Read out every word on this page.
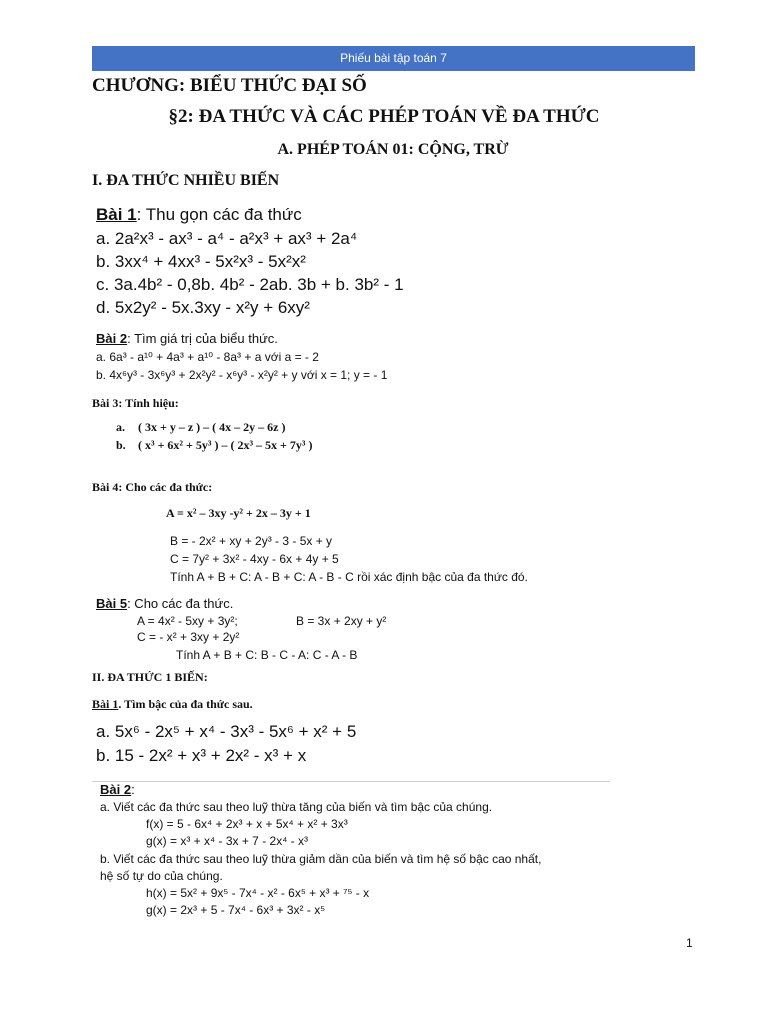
Phiếu bài tập toán 7
CHƯƠNG: BIỂU THỨC ĐẠI SỐ
§2: ĐA THỨC VÀ CÁC PHÉP TOÁN VỀ ĐA THỨC
A. PHÉP TOÁN 01: CỘNG, TRỪ
I. ĐA THỨC NHIỀU BIẾN
Bài 1: Thu gọn các đa thức
a. 2a²x³ - ax³ - a⁴ - a²x³ + ax³ + 2a⁴
b. 3xx⁴ + 4xx³ - 5x²x³ - 5x²x²
c. 3a.4b² - 0,8b. 4b² - 2ab. 3b + b. 3b² - 1
d. 5x2y² - 5x.3xy - x²y + 6xy²
Bài 2: Tìm giá trị của biểu thức.
a. 6a³ - a¹⁰ + 4a³ + a¹⁰ - 8a³ + a với a = - 2
b. 4x⁶y³ - 3x⁶y³ + 2x²y² - x⁶y³ - x²y² + y với x = 1; y = - 1
Bài 3: Tính hiệu:
a. ( 3x + y – z ) – ( 4x – 2y – 6z )
b. ( x³ + 6x² + 5y³ ) – ( 2x³ – 5x + 7y³ )
Bài 4: Cho các đa thức:
A = x² – 3xy -y² + 2x – 3y + 1
B = - 2x² + xy + 2y³ - 3 - 5x + y
C = 7y² + 3x² - 4xy - 6x + 4y + 5
Tính A + B + C: A - B + C: A - B - C rồi xác định bậc của đa thức đó.
Bài 5: Cho các đa thức.
A = 4x² - 5xy + 3y²;	B = 3x + 2xy + y²
C = - x² + 3xy + 2y²
Tính A + B + C: B - C - A: C - A - B
II. ĐA THỨC 1 BIẾN:
Bài 1. Tìm bậc của đa thức sau.
a. 5x⁶ - 2x⁵ + x⁴ - 3x³ - 5x⁶ + x² + 5
b. 15 - 2x² + x³ + 2x² - x³ + x
Bài 2:
a. Viết các đa thức sau theo luỹ thừa tăng của biến và tìm bậc của chúng.
f(x) = 5 - 6x⁴ + 2x³ + x + 5x⁴ + x² + 3x³
g(x) = x³ + x⁴ - 3x + 7 - 2x⁴ - x³
b. Viết các đa thức sau theo luỹ thừa giảm dần của biến và tìm hệ số bậc cao nhất,
hệ số tự do của chúng.
h(x) = 5x² + 9x⁵ - 7x⁴ - x² - 6x⁵ + x³ + ⁷⁵ - x
g(x) = 2x³ + 5 - 7x⁴ - 6x³ + 3x² - x⁵
1
